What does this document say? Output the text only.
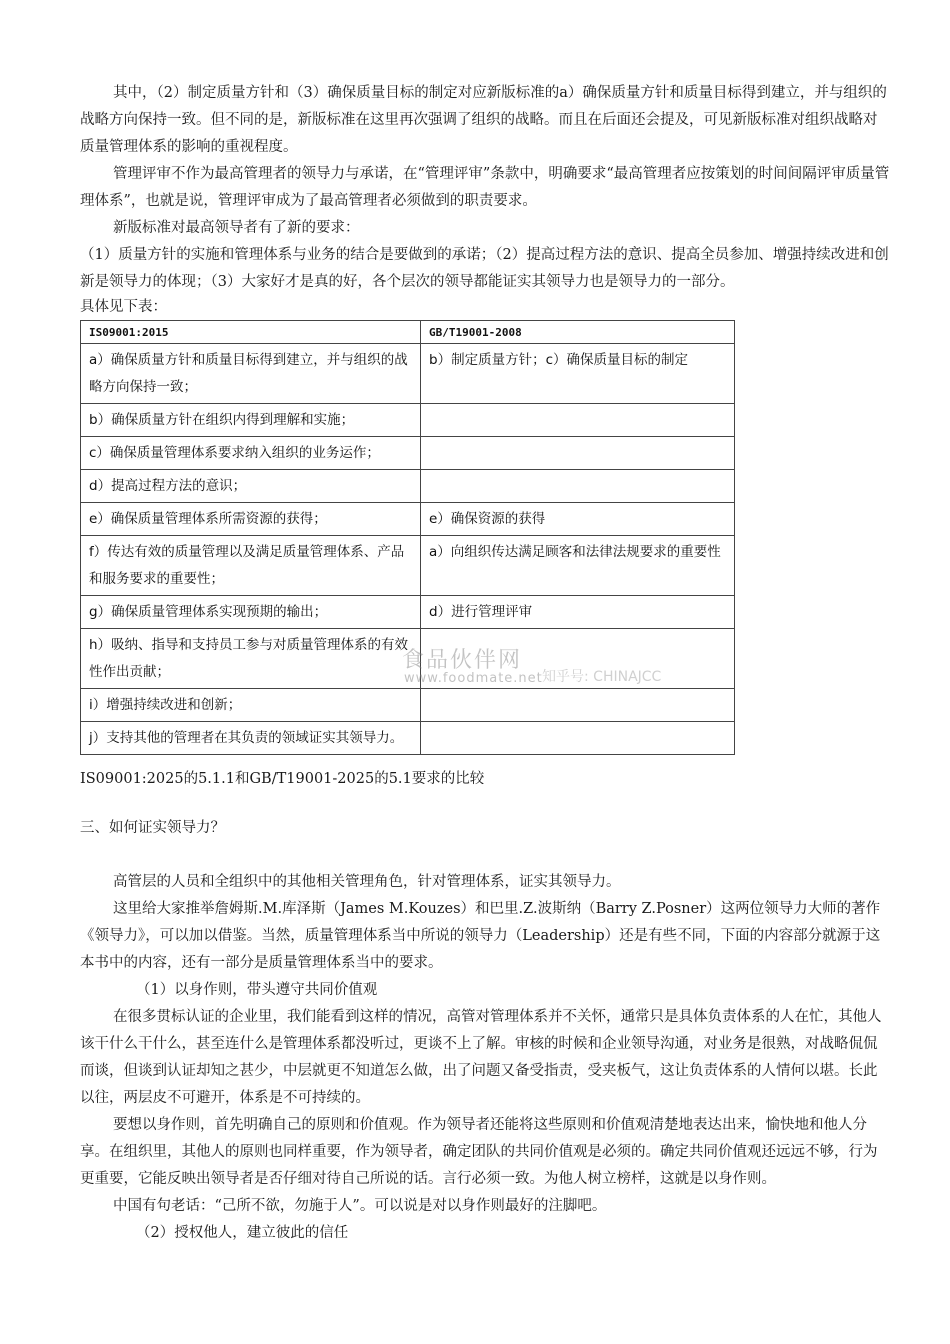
其中，（2）制定质量方针和（3）确保质量目标的制定对应新版标准的a）确保质量方针和质量目标得到建立，并与组织的战略方向保持一致。但不同的是，新版标准在这里再次强调了组织的战略。而且在后面还会提及，可见新版标准对组织战略对质量管理体系的影响的重视程度。

管理评审不作为最高管理者的领导力与承诺，在“管理评审”条款中，明确要求“最高管理者应按策划的时间间隔评审质量管理体系”，也就是说，管理评审成为了最高管理者必须做到的职责要求。

新版标准对最高领导者有了新的要求：

（1）质量方针的实施和管理体系与业务的结合是要做到的承诺；（2）提高过程方法的意识、提高全员参加、增强持续改进和创新是领导力的体现；（3）大家好才是真的好，各个层次的领导都能证实其领导力也是领导力的一部分。

具体见下表：

IS09001:2015	GB/T19001-2008
a）确保质量方针和质量目标得到建立，并与组织的战略方向保持一致；	b）制定质量方针；c）确保质量目标的制定
b）确保质量方针在组织内得到理解和实施；	
c）确保质量管理体系要求纳入组织的业务运作；	
d）提高过程方法的意识；	
e）确保质量管理体系所需资源的获得；	e）确保资源的获得
f）传达有效的质量管理以及满足质量管理体系、产品和服务要求的重要性；	a）向组织传达满足顾客和法律法规要求的重要性
g）确保质量管理体系实现预期的输出；	d）进行管理评审
h）吸纳、指导和支持员工参与对质量管理体系的有效性作出贡献；	
i）增强持续改进和创新；	
j）支持其他的管理者在其负责的领域证实其领导力。	
食品伙伴网
www.foodmate.net 知乎号: CHINAJCC

IS09001:2025的5.1.1和GB/T19001-2025的5.1要求的比较

三、如何证实领导力？

高管层的人员和全组织中的其他相关管理角色，针对管理体系，证实其领导力。

这里给大家推举詹姆斯.M.库泽斯（James M.Kouzes）和巴里.Z.波斯纳（Barry Z.Posner）这两位领导力大师的著作《领导力》，可以加以借鉴。当然，质量管理体系当中所说的领导力（Leadership）还是有些不同，下面的内容部分就源于这本书中的内容，还有一部分是质量管理体系当中的要求。

（1）以身作则，带头遵守共同价值观

在很多贯标认证的企业里，我们能看到这样的情况，高管对管理体系并不关怀，通常只是具体负责体系的人在忙，其他人该干什么干什么，甚至连什么是管理体系都没听过，更谈不上了解。审核的时候和企业领导沟通，对业务是很熟，对战略侃侃而谈，但谈到认证却知之甚少，中层就更不知道怎么做，出了问题又备受指责，受夹板气，这让负责体系的人情何以堪。长此以往，两层皮不可避开，体系是不可持续的。

要想以身作则，首先明确自己的原则和价值观。作为领导者还能将这些原则和价值观清楚地表达出来，愉快地和他人分享。在组织里，其他人的原则也同样重要，作为领导者，确定团队的共同价值观是必须的。确定共同价值观还远远不够，行为更重要，它能反映出领导者是否仔细对待自己所说的话。言行必须一致。为他人树立榜样，这就是以身作则。

中国有句老话：“己所不欲，勿施于人”。可以说是对以身作则最好的注脚吧。

（2）授权他人，建立彼此的信任
